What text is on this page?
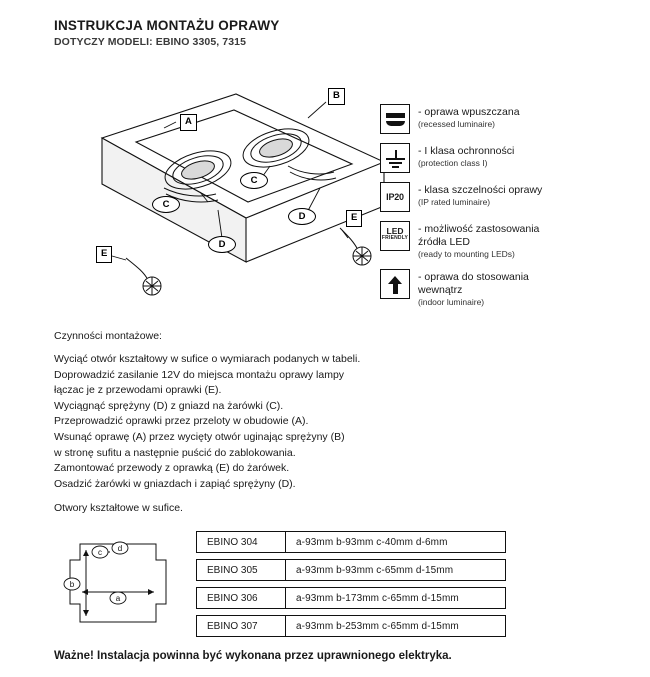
INSTRUKCJA MONTAŻU OPRAWY
DOTYCZY MODELI: EBINO 3305, 7315
A
B
C
C
D
D
E
E
- oprawa wpuszczana
(recessed luminaire)
- I klasa ochronności
(protection class I)
IP20
- klasa szczelności oprawy
(IP rated luminaire)
LED
FRIENDLY
- możliwość zastosowania
źródła LED
(ready to mounting LEDs)
- oprawa do stosowania
wewnątrz
(indoor luminaire)
Czynności montażowe:
Wyciąć otwór kształtowy w sufice o wymiarach podanych w tabeli.
Doprowadzić zasilanie 12V do miejsca montażu oprawy lampy
łączac je z przewodami oprawki (E).
Wyciągnąć sprężyny (D) z gniazd na żarówki (C).
Przeprowadzić oprawki przez przelotу w obudowie (A).
Wsunąć oprawę (A) przez wycięty otwór uginając sprężyny (B)
w stronę sufitu a następnie puścić do zablokowania.
Zamontować przewody z oprawką (E) do żarówek.
Osadzić żarówki w gniazdach i zapiąć sprężyny (D).
Otwory kształtowe w sufice.
c d
b
a
EBINO 304	a-93mm b-93mm c-40mm d-6mm
EBINO 305	a-93mm b-93mm c-65mm d-15mm
EBINO 306	a-93mm b-173mm c-65mm d-15mm
EBINO 307	a-93mm b-253mm c-65mm d-15mm
Ważne! Instalacja powinna być wykonana przez uprawnionego elektryka.
